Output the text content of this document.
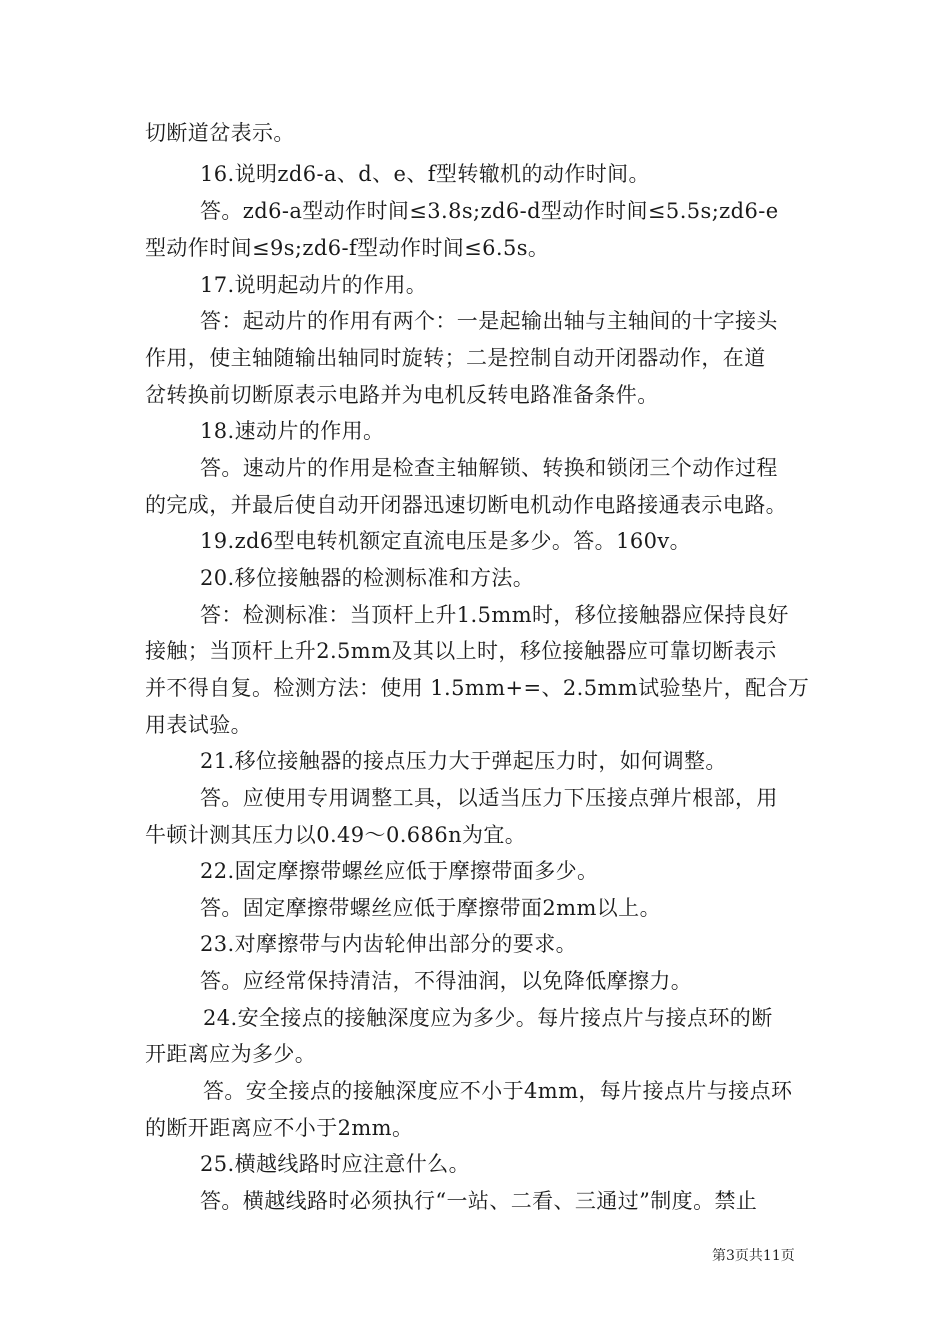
切断道岔表示。
16.说明zd6-a、d、e、f型转辙机的动作时间。
答。zd6-a型动作时间≤3.8s;zd6-d型动作时间≤5.5s;zd6-e
型动作时间≤9s;zd6-f型动作时间≤6.5s。
17.说明起动片的作用。
答：起动片的作用有两个：一是起输出轴与主轴间的十字接头
作用，使主轴随输出轴同时旋转；二是控制自动开闭器动作，在道
岔转换前切断原表示电路并为电机反转电路准备条件。
18.速动片的作用。
答。速动片的作用是检查主轴解锁、转换和锁闭三个动作过程
的完成，并最后使自动开闭器迅速切断电机动作电路接通表示电路。
19.zd6型电转机额定直流电压是多少。答。160v。
20.移位接触器的检测标准和方法。
答：检测标准：当顶杆上升1.5mm时，移位接触器应保持良好
接触；当顶杆上升2.5mm及其以上时，移位接触器应可靠切断表示
并不得自复。检测方法：使用 1.5mm+=、2.5mm试验垫片，配合万
用表试验。
21.移位接触器的接点压力大于弹起压力时，如何调整。
答。应使用专用调整工具，以适当压力下压接点弹片根部，用
牛顿计测其压力以0.49～0.686n为宜。
22.固定摩擦带螺丝应低于摩擦带面多少。
答。固定摩擦带螺丝应低于摩擦带面2mm以上。
23.对摩擦带与内齿轮伸出部分的要求。
答。应经常保持清洁，不得油润，以免降低摩擦力。
24.安全接点的接触深度应为多少。每片接点片与接点环的断
开距离应为多少。
答。安全接点的接触深度应不小于4mm，每片接点片与接点环
的断开距离应不小于2mm。
25.横越线路时应注意什么。
答。横越线路时必须执行“一站、二看、三通过”制度。禁止
第3页共11页
